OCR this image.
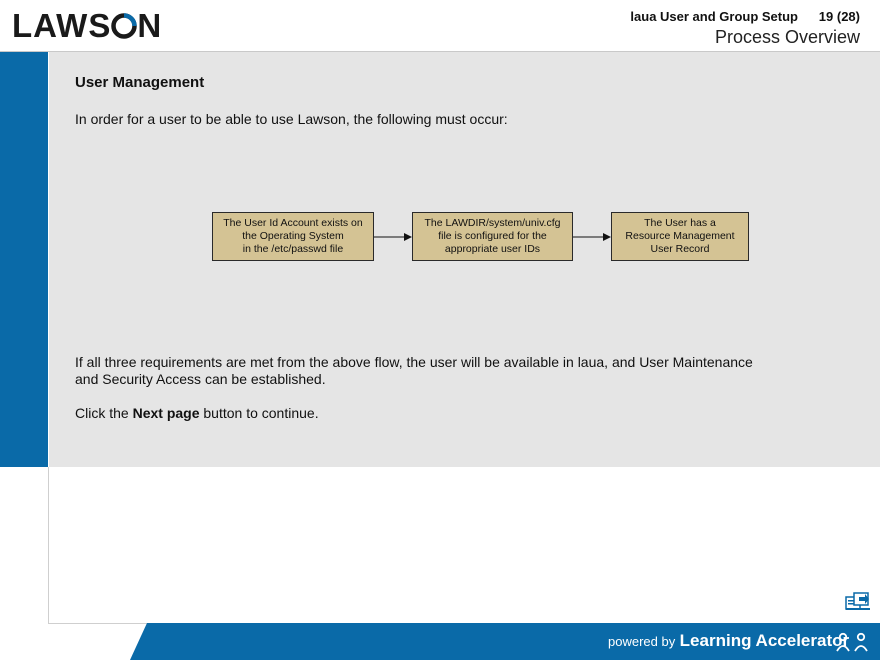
LAWS N	laua User and Group Setup	19 (28)
Process Overview
User Management
In order for a user to be able to use Lawson, the following must occur:
The User Id Account exists on
the Operating System
in the /etc/passwd file
The LAWDIR/system/univ.cfg
file is configured for the
appropriate user IDs
The User has a
Resource Management
User Record
If all three requirements are met from the above flow, the user will be available in laua, and User Maintenance and Security Access can be established.
Click the Next page button to continue.
powered by Learning Accelerator
